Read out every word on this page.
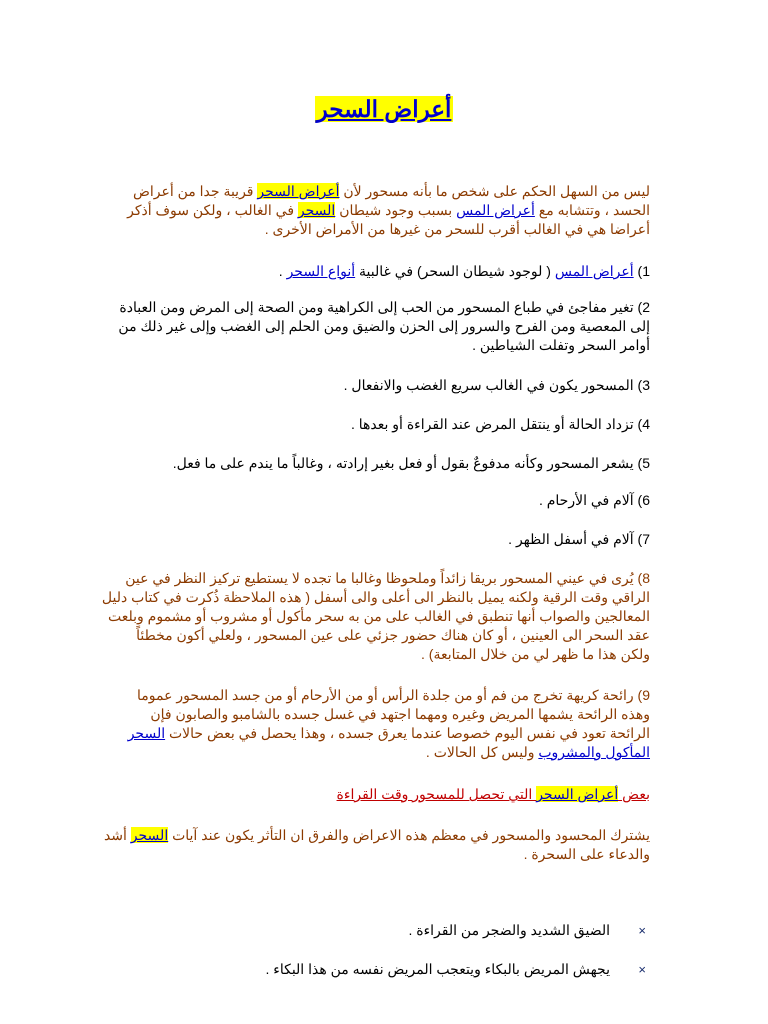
أعراض السحر
ليس من السهل الحكم على شخص ما بأنه مسحور لأن أعراض السحر قريبة جدا من أعراض
الحسد ، وتتشابه مع أعراض المس بسبب وجود شيطان السحر في الغالب ، ولكن سوف أذكر
أعراضا هي في الغالب أقرب للسحر من غيرها من الأمراض الأخرى .
1) أعراض المس ( لوجود شيطان السحر) في غالبية أنواع السحر .
2) تغير مفاجئ في طباع المسحور من الحب إلى الكراهية ومن الصحة إلى المرض ومن العبادة
إلى المعصية ومن الفرح والسرور إلى الحزن والضيق ومن الحلم إلى الغضب وإلى غير ذلك من
أوامر السحر وتفلت الشياطين .
3) المسحور يكون في الغالب سريع الغضب والانفعال .
4) تزداد الحالة أو ينتقل المرض عند القراءة أو بعدها .
5) يشعر المسحور وكأنه مدفوعٌ بقول أو فعل بغير إرادته ، وغالباً ما يندم على ما فعل.
6) آلام في الأرحام .
7) آلام في أسفل الظهر .
8) يُرى في عيني المسحور بريقا زائداً وملحوظا وغالبا ما تجده لا يستطيع تركيز النظر في عين
الراقي وقت الرقية ولكنه يميل بالنظر الى أعلى والى أسفل ( هذه الملاحظة ذُكرت في كتاب دليل
المعالجين والصواب أنها تنطبق في الغالب على من به سحر مأكول أو مشروب أو مشموم وبلعت
عقد السحر الى العينين ، أو كان هناك حضور جزئي على عين المسحور ، ولعلي أكون مخطئاً
ولكن هذا ما ظهر لي من خلال المتابعة) .
9) رائحة كريهة تخرج من فم أو من جلدة الرأس أو من الأرحام أو من جسد المسحور عموما
وهذه الرائحة يشمها المريض وغيره ومهما اجتهد في غسل جسده بالشامبو والصابون فإن
الرائحة تعود في نفس اليوم خصوصا عندما يعرق جسده ، وهذا يحصل في بعض حالات السحر
المأكول والمشروب وليس كل الحالات .
بعض أعراض السحر التي تحصل للمسحور وقت القراءة
يشترك المحسود والمسحور في معظم هذه الاعراض والفرق ان التأثر يكون عند آيات السحر أشد
والدعاء على السحرة .
×
الضيق الشديد والضجر من القراءة .
×
يجهش المريض بالبكاء ويتعجب المريض نفسه من هذا البكاء .
